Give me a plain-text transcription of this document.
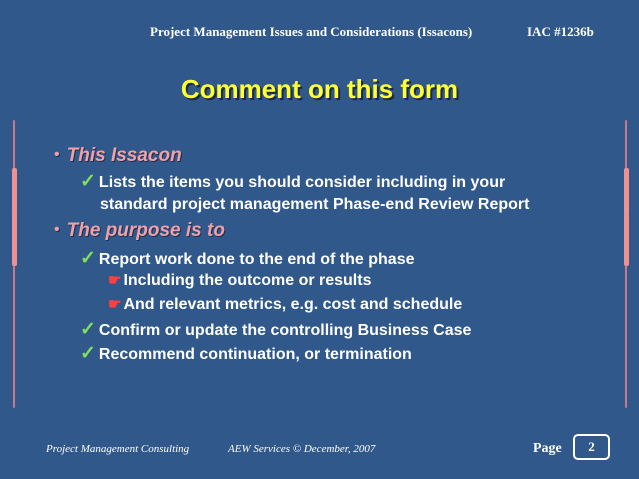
Project Management Issues and Considerations (Issacons)	IAC #1236b
Comment on this form
• This Issacon
✓ Lists the items you should consider including in your
standard project management Phase-end Review Report
• The purpose is to
✓ Report work done to the end of the phase
☛ Including the outcome or results
☛ And relevant metrics, e.g. cost and schedule
✓ Confirm or update the controlling Business Case
✓ Recommend continuation, or termination
Project Management Consulting	AEW Services © December, 2007	Page	2
